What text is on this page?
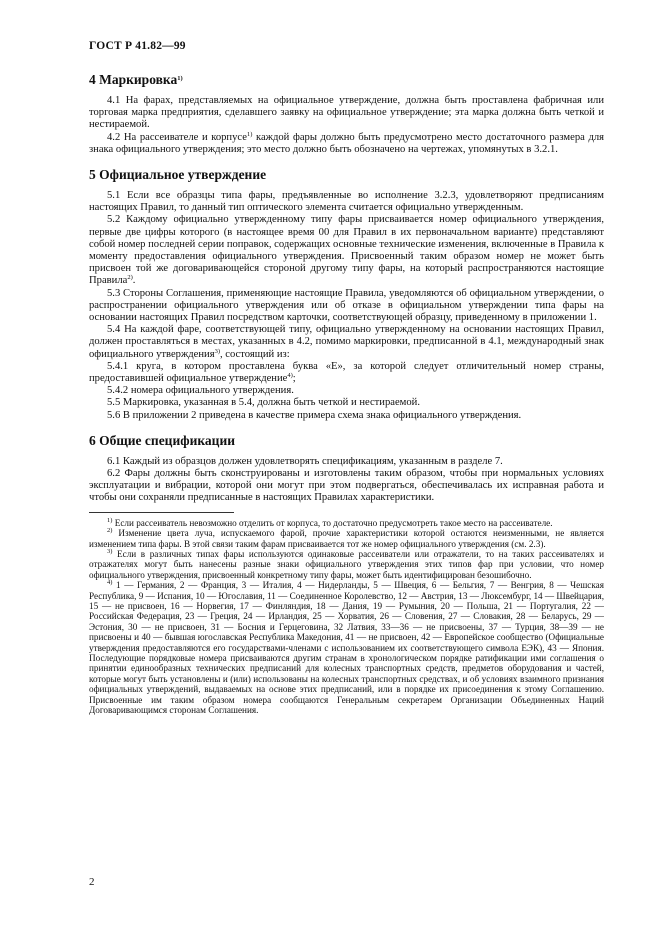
ГОСТ Р 41.82—99
4 Маркировка$^{1)}$

4.1 На фарах, представляемых на официальное утверждение, должна быть проставлена фабричная или торговая марка предприятия, сделавшего заявку на официальное утверждение; эта марка должна быть четкой и нестираемой.

4.2 На рассеивателе и корпусе$^{1)}$ каждой фары должно быть предусмотрено место достаточного размера для знака официального утверждения; это место должно быть обозначено на чертежах, упомянутых в 3.2.1.

5 Официальное утверждение

5.1 Если все образцы типа фары, предъявленные во исполнение 3.2.3, удовлетворяют предписаниям настоящих Правил, то данный тип оптического элемента считается официально утвержденным.

5.2 Каждому официально утвержденному типу фары присваивается номер официального утверждения, первые две цифры которого (в настоящее время 00 для Правил в их первоначальном варианте) представляют собой номер последней серии поправок, содержащих основные технические изменения, включенные в Правила к моменту предоставления официального утверждения. Присвоенный таким образом номер не может быть присвоен той же договаривающейся стороной другому типу фары, на который распространяются настоящие Правила$^{2)}$.

5.3 Стороны Соглашения, применяющие настоящие Правила, уведомляются об официальном утверждении, о распространении официального утверждения или об отказе в официальном утверждении типа фары на основании настоящих Правил посредством карточки, соответствующей образцу, приведенному в приложении 1.

5.4 На каждой фаре, соответствующей типу, официально утвержденному на основании настоящих Правил, должен проставляться в местах, указанных в 4.2, помимо маркировки, предписанной в 4.1, международный знак официального утверждения$^{3)}$, состоящий из:

5.4.1 круга, в котором проставлена буква «Е», за которой следует отличительный номер страны, предоставившей официальное утверждение$^{4)}$;

5.4.2 номера официального утверждения.

5.5 Маркировка, указанная в 5.4, должна быть четкой и нестираемой.

5.6 В приложении 2 приведена в качестве примера схема знака официального утверждения.

6 Общие спецификации

6.1 Каждый из образцов должен удовлетворять спецификациям, указанным в разделе 7.

6.2 Фары должны быть сконструированы и изготовлены таким образом, чтобы при нормальных условиях эксплуатации и вибрации, которой они могут при этом подвергаться, обеспечивалась их исправная работа и чтобы они сохраняли предписанные в настоящих Правилах характеристики.

$^{1)}$ Если рассеиватель невозможно отделить от корпуса, то достаточно предусмотреть такое место на рассеивателе.

$^{2)}$ Изменение цвета луча, испускаемого фарой, прочие характеристики которой остаются неизменными, не является изменением типа фары. В этой связи таким фарам присваивается тот же номер официального утверждения (см. 2.3).

$^{3)}$ Если в различных типах фары используются одинаковые рассеиватели или отражатели, то на таких рассеивателях и отражателях могут быть нанесены разные знаки официального утверждения этих типов фар при условии, что номер официального утверждения, присвоенный конкретному типу фары, может быть идентифицирован безошибочно.

$^{4)}$ 1 — Германия, 2 — Франция, 3 — Италия, 4 — Нидерланды, 5 — Швеция, 6 — Бельгия, 7 — Венгрия, 8 — Чешская Республика, 9 — Испания, 10 — Югославия, 11 — Соединенное Королевство, 12 — Австрия, 13 — Люксембург, 14 — Швейцария, 15 — не присвоен, 16 — Норвегия, 17 — Финляндия, 18 — Дания, 19 — Румыния, 20 — Польша, 21 — Португалия, 22 — Российская Федерация, 23 — Греция, 24 — Ирландия, 25 — Хорватия, 26 — Словения, 27 — Словакия, 28 — Беларусь, 29 — Эстония, 30 — не присвоен, 31 — Босния и Герцеговина, 32 Латвия, 33—36 — не присвоены, 37 — Турция, 38—39 — не присвоены и 40 — бывшая югославская Республика Македония, 41 — не присвоен, 42 — Европейское сообщество (Официальные утверждения предоставляются его государствами-членами с использованием их соответствующего символа ЕЭК), 43 — Япония. Последующие порядковые номера присваиваются другим странам в хронологическом порядке ратификации ими соглашения о принятии единообразных технических предписаний для колесных транспортных средств, предметов оборудования и частей, которые могут быть установлены и (или) использованы на колесных транспортных средствах, и об условиях взаимного признания официальных утверждений, выдаваемых на основе этих предписаний, или в порядке их присоединения к этому Соглашению. Присвоенные им таким образом номера сообщаются Генеральным секретарем Организации Объединенных Наций Договаривающимся сторонам Соглашения.

2
